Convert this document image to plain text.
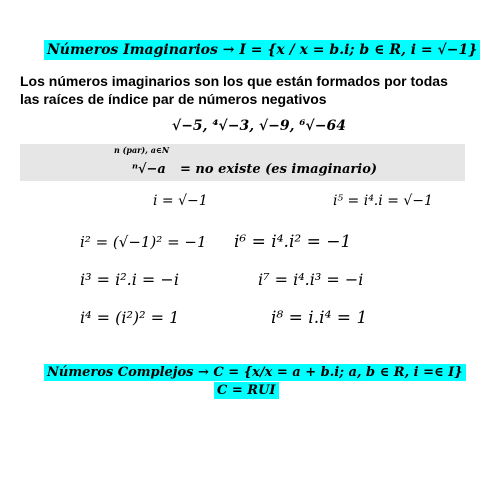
Números Imaginarios → I = {x / x = b.i; b ∈ R, i = √−1}
Los números imaginarios son los que están formados por todas las raíces de índice par de números negativos
√−5, ⁴√−3, √−9, ⁶√−64
n (par), a∈N
ⁿ√−a = no existe (es imaginario)
i = √−1	i⁵ = i⁴.i = √−1
i² = (√−1)² = −1 i⁶ = i⁴.i² = −1
i³ = i².i = −i	i⁷ = i⁴.i³ = −i
i⁴ = (i²)² = 1	i⁸ = i.i⁴ = 1
Números Complejos → C = {x/x = a + b.i; a, b ∈ R, i =∈ I}
C = RUI
